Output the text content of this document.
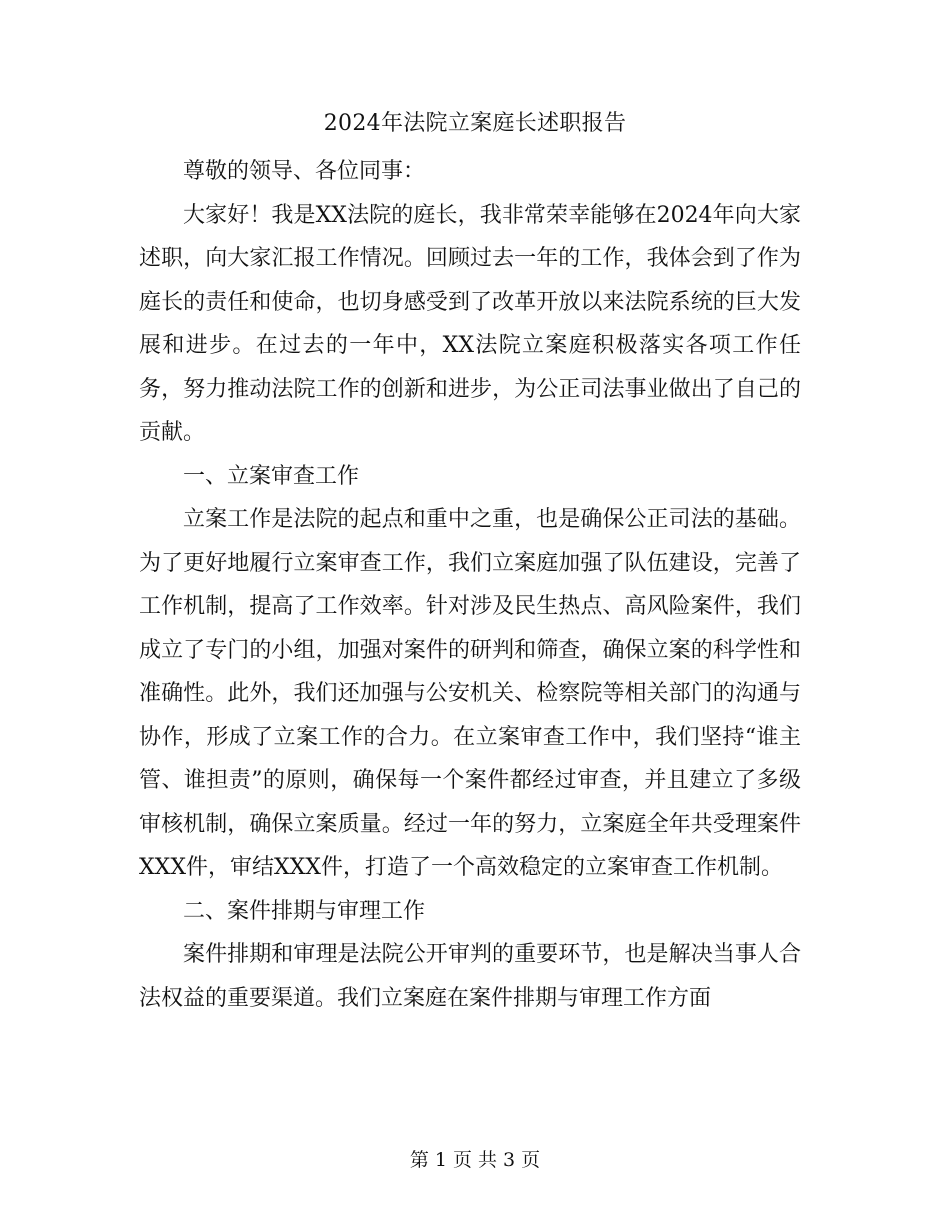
2024年法院立案庭长述职报告

尊敬的领导、各位同事：

大家好！我是XX法院的庭长，我非常荣幸能够在2024年向大家述职，向大家汇报工作情况。回顾过去一年的工作，我体会到了作为庭长的责任和使命，也切身感受到了改革开放以来法院系统的巨大发展和进步。在过去的一年中，XX法院立案庭积极落实各项工作任务，努力推动法院工作的创新和进步，为公正司法事业做出了自己的贡献。

一、立案审查工作

立案工作是法院的起点和重中之重，也是确保公正司法的基础。为了更好地履行立案审查工作，我们立案庭加强了队伍建设，完善了工作机制，提高了工作效率。针对涉及民生热点、高风险案件，我们成立了专门的小组，加强对案件的研判和筛查，确保立案的科学性和准确性。此外，我们还加强与公安机关、检察院等相关部门的沟通与协作，形成了立案工作的合力。在立案审查工作中，我们坚持“谁主管、谁担责”的原则，确保每一个案件都经过审查，并且建立了多级审核机制，确保立案质量。经过一年的努力，立案庭全年共受理案件XXX件，审结XXX件，打造了一个高效稳定的立案审查工作机制。

二、案件排期与审理工作

案件排期和审理是法院公开审判的重要环节，也是解决当事人合法权益的重要渠道。我们立案庭在案件排期与审理工作方面

第 1 页 共 3 页
